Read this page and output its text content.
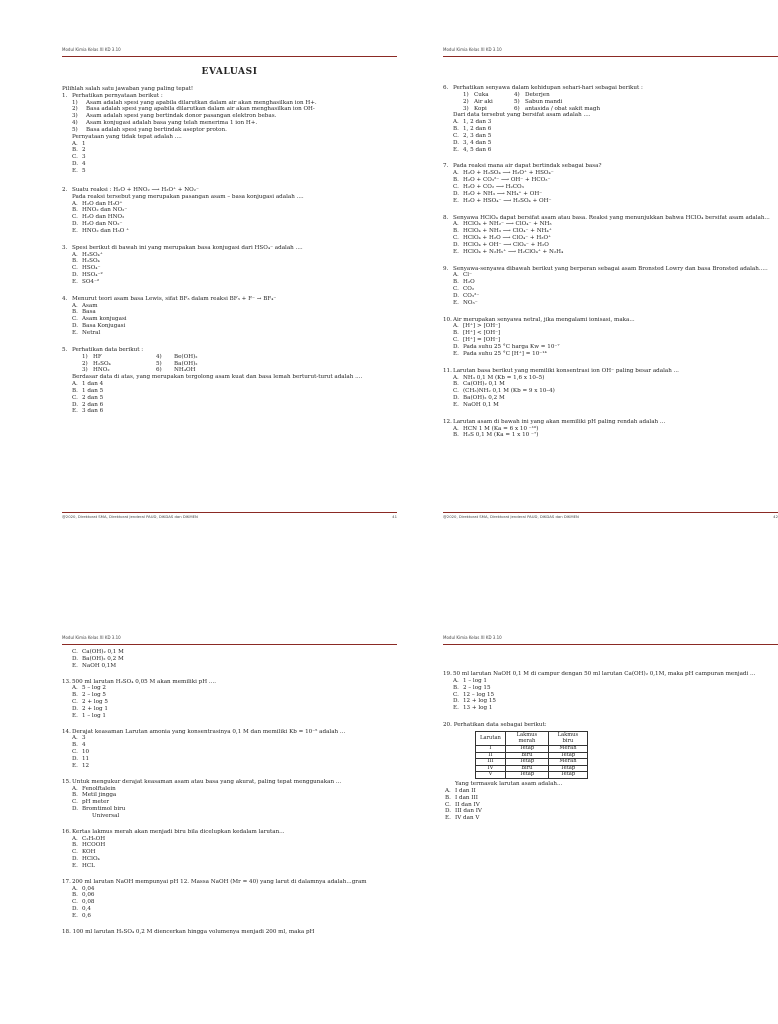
Modul Kimia Kelas XI KD 3.10
EVALUASI
Pilihlah salah satu jawaban yang paling tepat!
1. Perhatikan pernyataan berikut :
1) Asam adalah spesi yang apabila dilarutkan dalam air akan menghasilkan ion H+.
2) Basa adalah spesi yang apabila dilarutkan dalam air akan menghasilkan ion OH-
3) Asam adalah spesi yang bertindak donor pasangan elektron bebas.
4) Asam konjugasi adalah basa yang telah menerima 1 ion H+.
5) Basa adalah spesi yang bertindak aseptor proton.
Pernyataan yang tidak tepat adalah ....
A. 1
B. 2
C. 3
D. 4
E. 5
2. Suatu reaksi : H₂O + HNO₂ ⟶ H₃O⁺ + NO₂⁻
Pada reaksi tersebut yang merupakan pasangan asam – basa konjugasi adalah ....
A. H₂O dan H₃O⁺
B. HNO₂ dan NO₂⁻
C. H₂O dan HNO₂
D. H₂O dan NO₂⁻
E. HNO₂ dan H₃O ⁺
3. Spesi berikut di bawah ini yang merupakan basa konjugasi dari HSO₄⁻ adalah ....
A. H₃SO₄⁺
B. H₂SO₄
C. HSO₄⁻
D. HSO₄⁻²
E. SO4⁻²
4. Menurut teori asam basa Lewis, sifat BF₃ dalam reaksi BF₃ + F⁻ → BF₄⁻
A. Asam
B. Basa
C. Asam konjugasi
D. Basa Konjugasi
E. Netral
5. Perhatikan data berikut :
1) HF	4)	Be(OH)₂
2) H₂SO₄	5)	Ba(OH)₂
3) HNO₂	6)	NH₄OH
Berdasar data di atas, yang merupakan tergolong asam kuat dan basa lemah berturut-turut adalah ....
A. 1 dan 4
B. 1 dan 5
C. 2 dan 5
D. 2 dan 6
E. 3 dan 6
@2020, Direktorat SMA, Direktorat Jenderal PAUD, DIKDAS dan DIKMEN	41
Modul Kimia Kelas XI KD 3.10
6. Perhatikan senyawa dalam kehidupan sehari-hari sebagai berikut :
1) Cuka	4) Deterjen
2) Air aki	5) Sabun mandi
3) Kopi	6) antasida / obat sakit magh
Dari data tersebut yang bersifat asam adalah ....
A. 1, 2 dan 3
B. 1, 2 dan 6
C. 2, 3 dan 5
D. 3, 4 dan 5
E. 4, 5 dan 6
7. Pada reaksi mana air dapat bertindak sebagai basa?
A. H₂O + H₂SO₄ ⟶ H₃O⁺ + HSO₄⁻
B. H₂O + CO₃²⁻ ⟶ OH⁻ + HCO₃⁻
C. H₂O + CO₂ ⟶ H₂CO₃
D. H₂O + NH₃ ⟶ NH₄⁺ + OH⁻
E. H₂O + HSO₄⁻ ⟶ H₂SO₄ + OH⁻
8. Senyawa HClO₄ dapat bersifat asam atau basa. Reaksi yang menunjukkan bahwa HClO₄ bersifat asam adalah...
A. HClO₄ + NH₂⁻ ⟶ ClO₄⁻ + NH₃
B. HClO₄ + NH₃ ⟶ ClO₄⁻ + NH₄⁺
C. HClO₄ + H₂O ⟶ ClO₄⁻ + H₃O⁺
D. HClO₄ + OH⁻ ⟶ ClO₄⁻ + H₂O
E. HClO₄ + N₂H₅⁺ ⟶ H₂ClO₄⁺ + N₂H₄
9. Senyawa-senyawa dibawah berikut yang berperan sebagai asam Bronsted Lowry dan basa Bronsted adalah.....
A. Cl⁻
B. H₂O
C. CO₂
D. CO₃²⁻
E. NO₃⁻
10. Air merupakan senyawa netral, jika mengalami ionisasi, maka...
A. [H⁺] > [OH⁻]
B. [H⁺] < [OH⁻]
C. [H⁺] = [OH⁻]
D. Pada suhu 25 °C harga Kw = 10⁻⁷
E. Pada suhu 25 °C [H⁺] = 10⁻¹⁴
11. Larutan basa berikut yang memiliki konsentrasi ion OH⁻ paling besar adalah ...
A. NH₃ 0,1 M (Kb = 1,6 x 10–5)
B. Ca(OH)₂ 0,1 M
C. (CH₃)NH₂ 0,1 M (Kb = 9 x 10–4)
D. Ba(OH)₂ 0,2 M
E. NaOH 0,1 M
12. Larutan asam di bawah ini yang akan memiliki pH paling rendah adalah ...
A. HCN 1 M (Ka = 6 x 10 ⁻¹⁰)
B. H₂S 0,1 M (Ka = 1 x 10 ⁻⁷)
@2020, Direktorat SMA, Direktorat Jenderal PAUD, DIKDAS dan DIKMEN	42
Modul Kimia Kelas XI KD 3.10
C. Ca(OH)₂ 0,1 M
D. Ba(OH)₂ 0,2 M
E. NaOH 0,1M
13. 500 ml larutan H₂SO₄ 0,05 M akan memiliki pH ....
A. 5 – log 2
B. 2 – log 5
C. 2 + log 5
D. 2 + log 1
E. 1 – log 1
14. Derajat keasaman Larutan amonia yang konsentrasinya 0,1 M dan memiliki Kb = 10⁻⁵ adalah ...
A. 3
B. 4
C. 10
D. 11
E. 12
15. Untuk mengukur derajat keasaman asam atau basa yang akurat, paling tepat menggunakan ...
A. Fenolftalein
B. Metil jingga
C. pH meter
D. Bromtimol biru
Universal
16. Kertas lakmus merah akan menjadi biru bila dicelupkan kedalam larutan...
A. C₂H₅OH
B. HCOOH
C. KOH
D. HClO₄
E. HCL
17. 200 ml larutan NaOH mempunyai pH 12. Massa NaOH (Mr = 40) yang larut di dalamnya adalah...gram
A. 0,04
B. 0,06
C. 0,08
D. 0,4
E. 0,6
18. 100 ml larutan H₂SO₄ 0,2 M diencerkan hingga volumenya menjadi 200 ml, maka pH
Modul Kimia Kelas XI KD 3.10
19. 50 ml larutan NaOH 0,1 M di campur dengan 50 ml larutan Ca(OH)₂ 0,1M, maka pH campuran menjadi ...
A. 1 – log 1
B. 2 – log 15
C. 12 – log 15
D. 12 + log 15
E. 13 + log 1
20. Perhatikan data sebagai berikut:
Larutan	Lakmus merah	Lakmus biru
I	Tetap	Merah
II	Biru	Tetap
III	Tetap	Merah
IV	Biru	Tetap
V	Tetap	Tetap
Yang termasuk larutan asam adalah...
A. I dan II
B. I dan III
C. II dan IV
D. III dan IV
E. IV dan V
